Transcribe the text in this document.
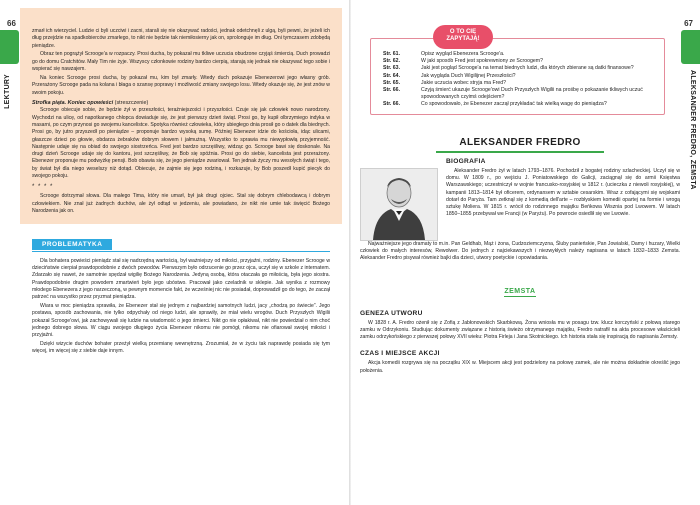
66
LEKTURY
67
ALEKSANDER FREDRO, ZEMSTA

zmarł ich wierzyciel. Ludzie ci byli uczciwi i zacni, starali się nie okazywać radości, jednak odetchnęli z ulgą, byli pewni, że jeżeli ich dług przejdzie na spadkobierców zmarłego, to nikt nie będzie tak niemiłosierny jak on, sprolonguje im dług. Oni tymczasem zdobędą pieniądze.

Obraz ten pogrążył Scrooge'a w rozpaczy. Prosi ducha, by pokazał mu tkliwe uczucia obudzone czyjąś śmiercią. Duch prowadzi go do domu Cratchitów. Mały Tim nie żyje. Wszyscy członkowie rodziny bardzo cierpią, starają się jednak nie okazywać tego sobie i wspierać się nawzajem.

Na koniec Scrooge prosi ducha, by pokazał mu, kim był zmarły. Wtedy duch pokazuje Ebenezerowi jego własny grób. Przerażony Scrooge pada na kolana i błaga o szansę poprawy i możliwość zmiany swojego losu. Wtedy okazuje się, że jest znów w swoim pokoju.

Strofka piąta. Koniec opowieści (streszczenie)

Scrooge obiecuje sobie, że będzie żył w przeszłości, teraźniejszości i przyszłości. Czuje się jak człowiek nowo narodzony. Wychodzi na ulicę, od napotkanego chłopca dowiaduje się, że jest pierwszy dzień świąt. Prosi go, by kupił olbrzymiego indyka w masarni, po czym przynosi go swojemu kancelistce. Spotyka również człowieka, który ubiegłego dnia prosił go o datek dla biednych. Prosi go, by jutro przyszedł po pieniądze – proponuje bardzo wysoką sumę. Później Ebenezer idzie do kościoła, idąc ulicami, głaszcze dzieci po głowie, obdarza żebraków dobrym słowem i jałmużną. Wszystko to sprawia mu niewypłowłą przyjemność. Następnie udaje się na obiad do swojego siostrzeńca. Fred jest bardzo szczęśliwy, widząc go. Scrooge bawi się doskonale. Na drugi dzień Scrooge udaje się do kantoru, jest szczęśliwy, że Bob się spóźnia. Prosi go do siebie, kancelista jest przerażony. Ebenezer proponuje mu podwyżkę pensji. Bob obawia się, że jego pieniądze zwariował. Ten jednak życzy mu wesołych świąt i tego, by świat był dla niego weselszy niż dotąd. Obiecuje, że zajmie się jego rodziną, i rozkazuje, by Bob poszedł kupić piecyk do swojego pokoju.

* * * *

Scrooge dotrzymał słowa. Dla małego Tima, który nie umarł, był jak drugi ojciec. Stał się dobrym chlebodawcą i dobrym człowiekiem. Nie znał już żadnych duchów, ale żył odtąd w jedzeniu, ale powiadano, że nikt nie umie tak święcić Bożego Narodzenia jak on.

PROBLEMATYKA

Dla bohatera powieści pieniądz stał się nadrzędną wartością, był ważniejszy od miłości, przyjaźni, rodziny. Ebenezer Scrooge w dzieciństwie cierpiał prawdopodobnie z dwóch powodów. Pierwszym było odrzucenie go przez ojca, uczył się w szkole z internatem. Zdarzało się nawet, że samotnie spędzał wigilię Bożego Narodzenia. Jedyną osobą, która otaczała go miłością, była jego siostra. Prawdopodobnie drugim powodem zmartwień było jego ubóstwo. Pracował jako czeladnik w sklepie. Jak wynika z rozmowy młodego Ebenezera z jego narzeczoną, w pewnym momencie fakt, że wcześniej nic nie posiadał, doprowadził go do tego, że zaczął patrzeć na wszystko przez pryzmat pieniądza.

Wiara w moc pieniądza sprawiła, że Ebenezer stał się jednym z najbardziej samotnych ludzi, jacy „chodzą po świecie”. Jego postawa, sposób zachowania, nie tylko odpychały od niego ludzi, ale sprawiły, że miał wielu wrogów. Duch Przyszłych Wigilii pokazał Scrooge'owi, jak zachowywali się ludzie na wiadomość o jego śmierci. Nikt go nie opłakiwał, nikt nie powiedział o nim choć jednego dobrego słowa. W ciągu swojego długiego życia Ebenezer nikomu nie pomógł, nikomu nie ofiarował swojej miłości i przyjaźni.

Dzięki wizycie duchów bohater przeżył wielką przemianę wewnętrzną. Zrozumiał, że w życiu tak naprawdę posiada się tym więcej, im więcej się z siebie daje innym.

O TO CIĘ
ZAPYTAJĄ!
Str. 61.	Opisz wygląd Ebenezera Scrooge'a.
Str. 62.	W jaki sposób Fred jest spokrewniony ze Scroogem?
Str. 63.	Jaki jest pogląd Scrooge'a na temat biednych ludzi, dla których zbierane są datki finansowe?
Str. 64.	Jak wygląda Duch Wigilijnej Przeszłości?
Str. 65.	Jakie uczucia wobec stryja ma Fred?
Str. 66.	Czyją śmierć ukazuje Scrooge'owi Duch Przyszłych Wigilii na prośbę o pokazanie tkliwych uczuć spowodowanych czyimś odejściem?
Str. 66.	Co spowodowało, że Ebenezer zaczął przykładać tak wielką wagę do pieniądza?
ALEKSANDER FREDRO
BIOGRAFIA

Aleksander Fredro żył w latach 1793–1876. Pochodził z bogatej rodziny szlacheckiej. Uczył się w domu. W 1809 r., po wejściu J. Poniatowskiego do Galicji, zaciągnął się do armii Księstwa Warszawskiego; uczestniczył w wojnie francusko-rosyjskiej w 1812 r. (ucieczka z niewoli rosyjskiej), w kampanii 1813–1814 był oficerem, ordynansem w sztabie cesarskim. Wraz z cofającymi się wojskami dotarł do Paryża. Tam zetknął się z komedią dell'arte – rozbłyskiem komedii opartej na formie i wrogą sztukę Moliera. W 1815 r. wrócił do rodzinnego majątku Beńkowa Wisznia pod Lwowem. W latach 1850–1855 przebywał we Francji (w Paryżu). Po powrocie osiedlił się we Lwowie.

Najważniejsze jego dramaty to m.in. Pan Geldhab, Mąż i żona, Cudzoziemczyzna, Śluby panieńskie, Pan Jowialski, Damy i huzary, Wielki człowiek do małych interesów, Rewolwer. Do jednych z najciekawszych i niezwykłych należy napisana w latach 1832–1833 Zemsta. Aleksander Fredro pisywał również bajki dla dzieci, utwory poetyckie i opowiadania.

ZEMSTA
GENEZA UTWORU

W 1828 r. A. Fredro ożenił się z Zofią z Jabłonowskich Skarbkową. Żona wniosła mu w posagu tzw. klucz korczyński z połową starego zamku w Odrzykoniu. Studiując dokumenty związane z historią świeżo otrzymanego majątku, Fredro natrafił na akta procesowe właścicieli zamku odrzykońskiego z pierwszej połowy XVII wieku: Piotra Firleja i Jana Skotnickiego. Ich historia stała się inspiracją do napisania Zemsty.

CZAS I MIEJSCE AKCJI

Akcja komedii rozgrywa się na początku XIX w. Miejscem akcji jest podzielony na połowę zamek, ale nie można dokładnie określić jego położenia.
